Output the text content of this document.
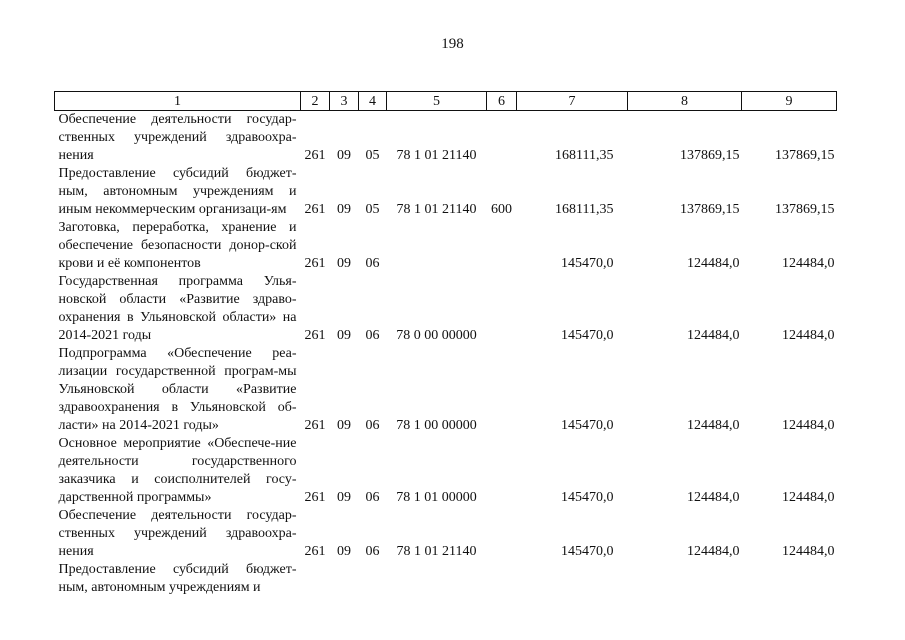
198
1	2	3	4	5	6	7	8	9
Обеспечение деятельности государ-ственных учреждений здравоохра-нения	261	09	05	78 1 01 21140		168111,35	137869,15	137869,15
Предоставление субсидий бюджет-ным, автономным учреждениям и иным некоммерческим организаци-ям	261	09	05	78 1 01 21140	600	168111,35	137869,15	137869,15
Заготовка, переработка, хранение и обеспечение безопасности донор-ской крови и её компонентов	261	09	06			145470,0	124484,0	124484,0
Государственная программа Улья-новской области «Развитие здраво-охранения в Ульяновской области» на 2014-2021 годы	261	09	06	78 0 00 00000		145470,0	124484,0	124484,0
Подпрограмма «Обеспечение реа-лизации государственной програм-мы Ульяновской области «Развитие здравоохранения в Ульяновской об-ласти» на 2014-2021 годы»	261	09	06	78 1 00 00000		145470,0	124484,0	124484,0
Основное мероприятие «Обеспече-ние деятельности государственного заказчика и соисполнителей госу-дарственной программы»	261	09	06	78 1 01 00000		145470,0	124484,0	124484,0
Обеспечение деятельности государ-ственных учреждений здравоохра-нения	261	09	06	78 1 01 21140		145470,0	124484,0	124484,0
Предоставление субсидий бюджет-ным, автономным учреждениям и								
